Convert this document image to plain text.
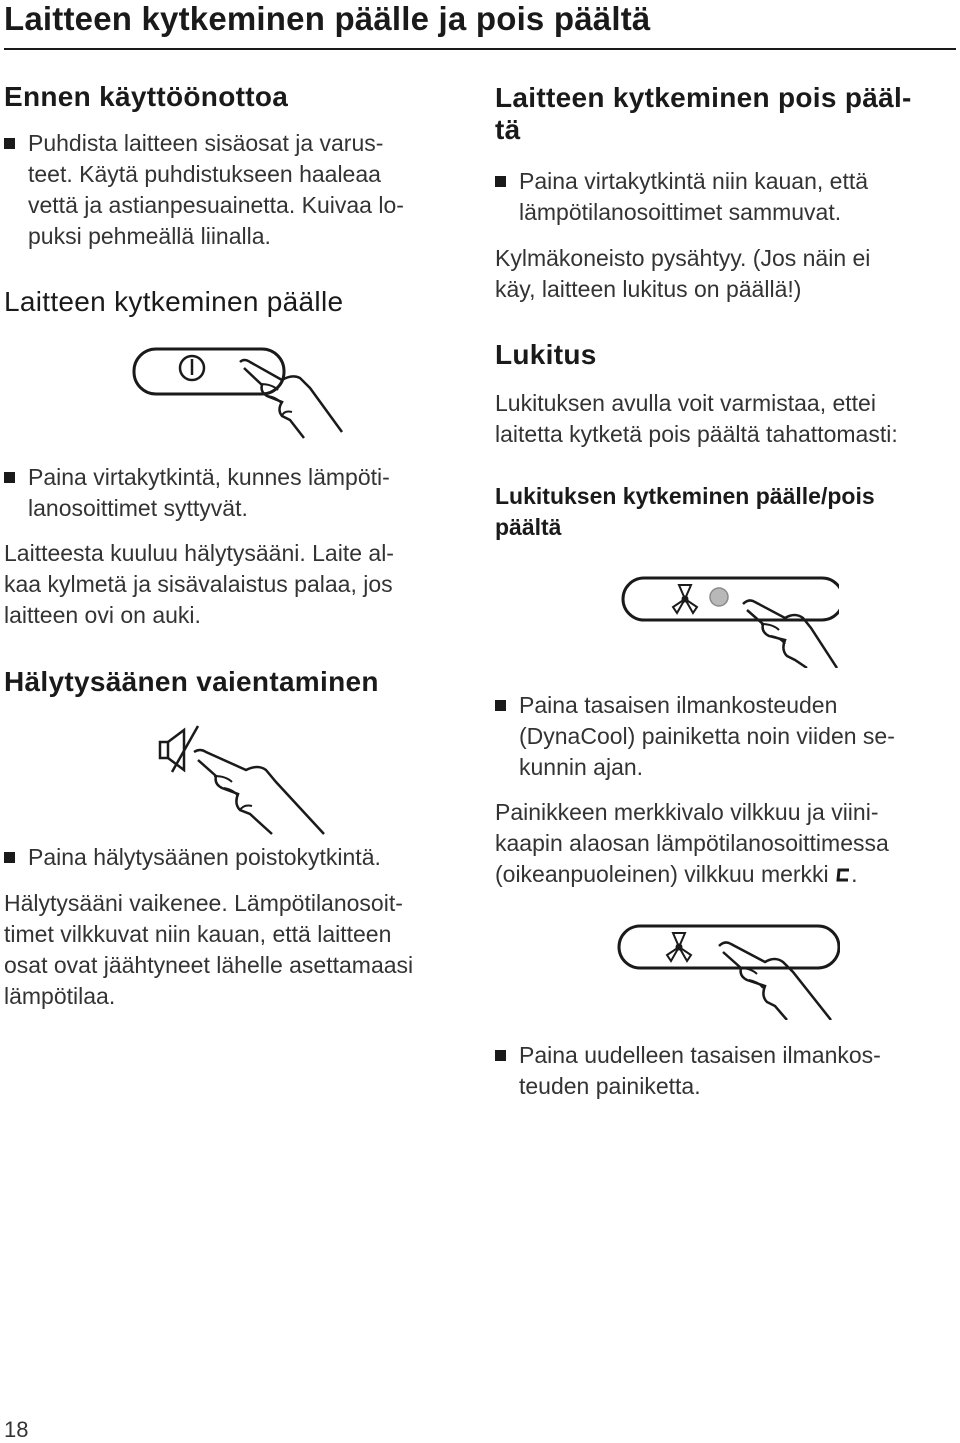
Laitteen kytkeminen päälle ja pois päältä
Ennen käyttöönottoa

Puhdista laitteen sisäosat ja varus-
teet. Käytä puhdistukseen haaleaa
vettä ja astianpesuainetta. Kuivaa lo-
puksi pehmeällä liinalla.

Laitteen kytkeminen päälle

Paina virtakytkintä, kunnes lämpöti-
lanosoittimet syttyvät.

Laitteesta kuuluu hälytysääni. Laite al-
kaa kylmetä ja sisävalaistus palaa, jos
laitteen ovi on auki.

Hälytysäänen vaientaminen

Paina hälytysäänen poistokytkintä.

Hälytysääni vaikenee. Lämpötilanosoit-
timet vilkkuvat niin kauan, että laitteen
osat ovat jäähtyneet lähelle asettamaasi
lämpötilaa.

Laitteen kytkeminen pois pääl-
tä

Paina virtakytkintä niin kauan, että
lämpötilanosoittimet sammuvat.

Kylmäkoneisto pysähtyy. (Jos näin ei
käy, laitteen lukitus on päällä!)

Lukitus

Lukituksen avulla voit varmistaa, ettei
laitetta kytketä pois päältä tahattomasti:

Lukituksen kytkeminen päälle/pois
päältä

Paina tasaisen ilmankosteuden
(DynaCool) painiketta noin viiden se-
kunnin ajan.

Painikkeen merkkivalo vilkkuu ja viini-
kaapin alaosan lämpötilanosoittimessa
(oikeanpuoleinen) vilkkuu merkki .

Paina uudelleen tasaisen ilmankos-
teuden painiketta.

18
